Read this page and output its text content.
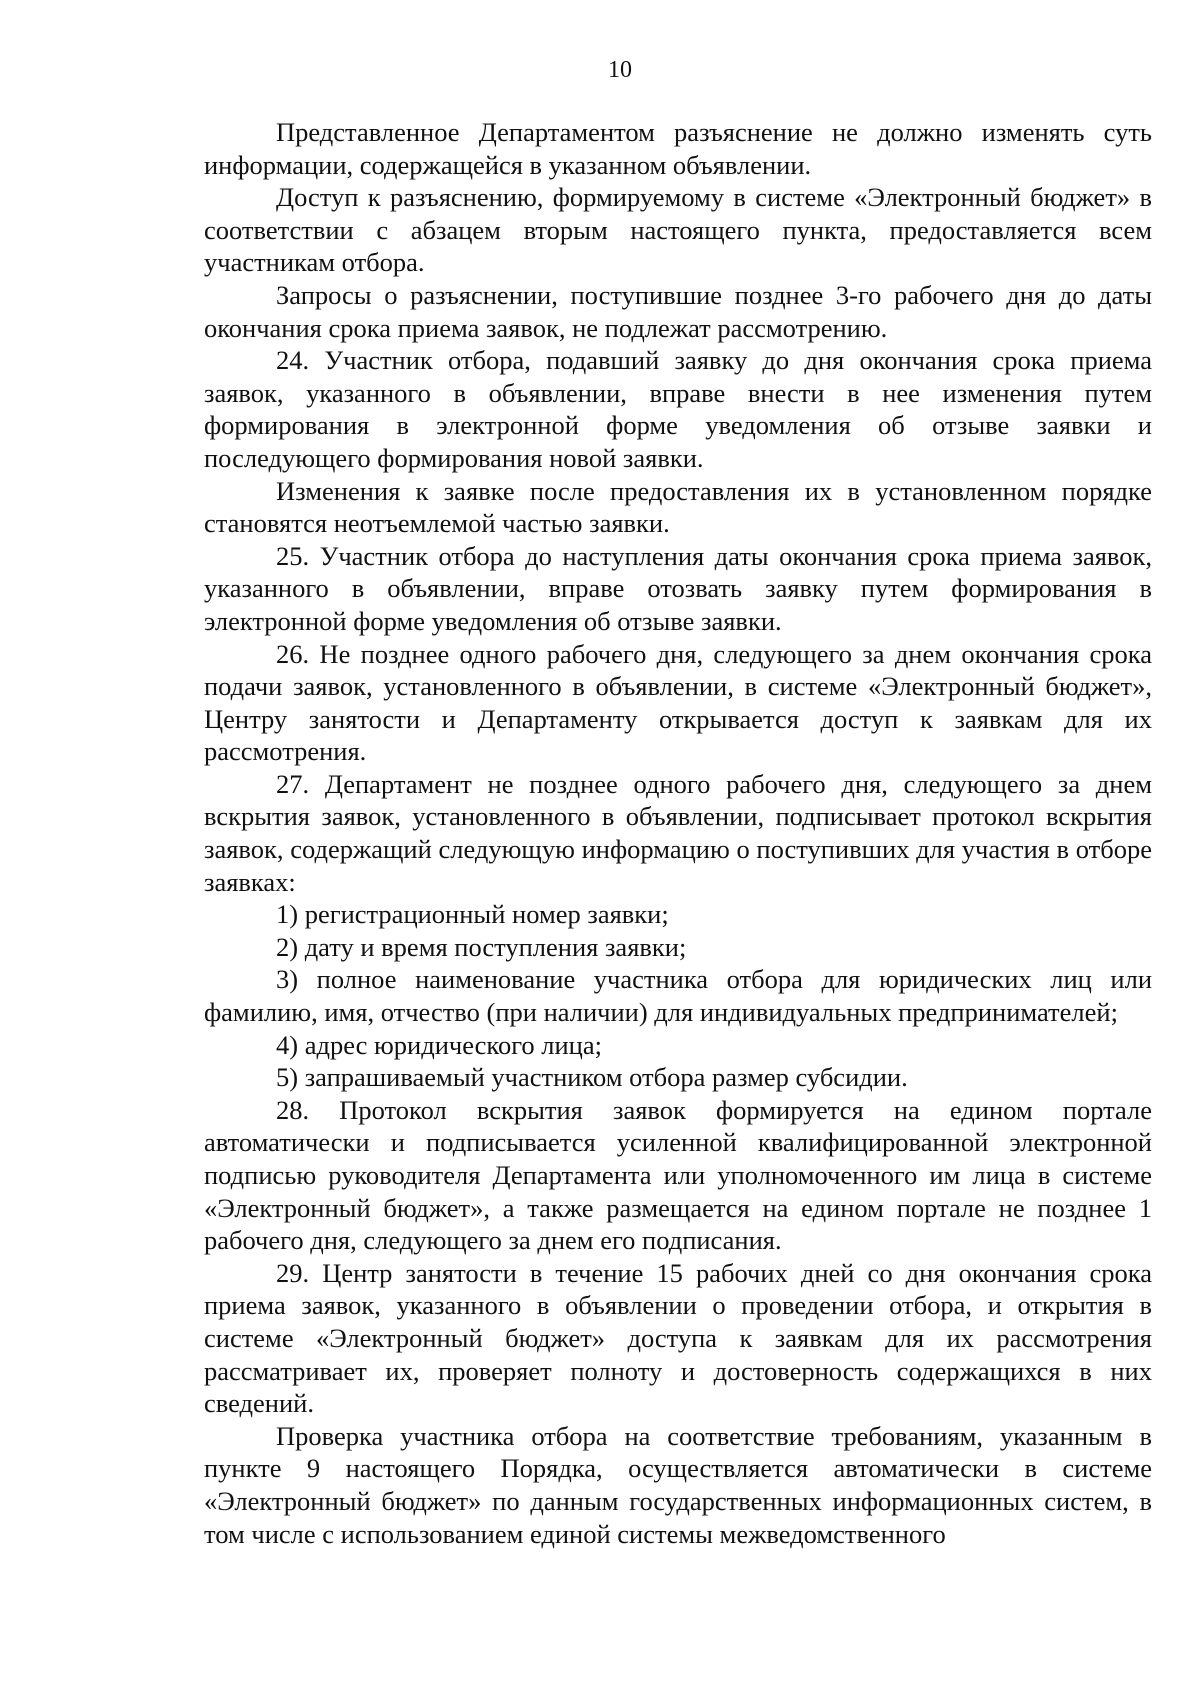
10

Представленное Департаментом разъяснение не должно изменять суть информации, содержащейся в указанном объявлении.

Доступ к разъяснению, формируемому в системе «Электронный бюджет» в соответствии с абзацем вторым настоящего пункта, предоставляется всем участникам отбора.

Запросы о разъяснении, поступившие позднее 3-го рабочего дня до даты окончания срока приема заявок, не подлежат рассмотрению.

24. Участник отбора, подавший заявку до дня окончания срока приема заявок, указанного в объявлении, вправе внести в нее изменения путем формирования в электронной форме уведомления об отзыве заявки и последующего формирования новой заявки.

Изменения к заявке после предоставления их в установленном порядке становятся неотъемлемой частью заявки.

25. Участник отбора до наступления даты окончания срока приема заявок, указанного в объявлении, вправе отозвать заявку путем формирования в электронной форме уведомления об отзыве заявки.

26. Не позднее одного рабочего дня, следующего за днем окончания срока подачи заявок, установленного в объявлении, в системе «Электронный бюджет», Центру занятости и Департаменту открывается доступ к заявкам для их рассмотрения.

27. Департамент не позднее одного рабочего дня, следующего за днем вскрытия заявок, установленного в объявлении, подписывает протокол вскрытия заявок, содержащий следующую информацию о поступивших для участия в отборе заявках:

1) регистрационный номер заявки;

2) дату и время поступления заявки;

3) полное наименование участника отбора для юридических лиц или фамилию, имя, отчество (при наличии) для индивидуальных предпринимателей;

4) адрес юридического лица;

5) запрашиваемый участником отбора размер субсидии.

28. Протокол вскрытия заявок формируется на едином портале автоматически и подписывается усиленной квалифицированной электронной подписью руководителя Департамента или уполномоченного им лица в системе «Электронный бюджет», а также размещается на едином портале не позднее 1 рабочего дня, следующего за днем его подписания.

29. Центр занятости в течение 15 рабочих дней со дня окончания срока приема заявок, указанного в объявлении о проведении отбора, и открытия в системе «Электронный бюджет» доступа к заявкам для их рассмотрения рассматривает их, проверяет полноту и достоверность содержащихся в них сведений.

Проверка участника отбора на соответствие требованиям, указанным в пункте 9 настоящего Порядка, осуществляется автоматически в системе «Электронный бюджет» по данным государственных информационных систем, в том числе с использованием единой системы межведомственного
